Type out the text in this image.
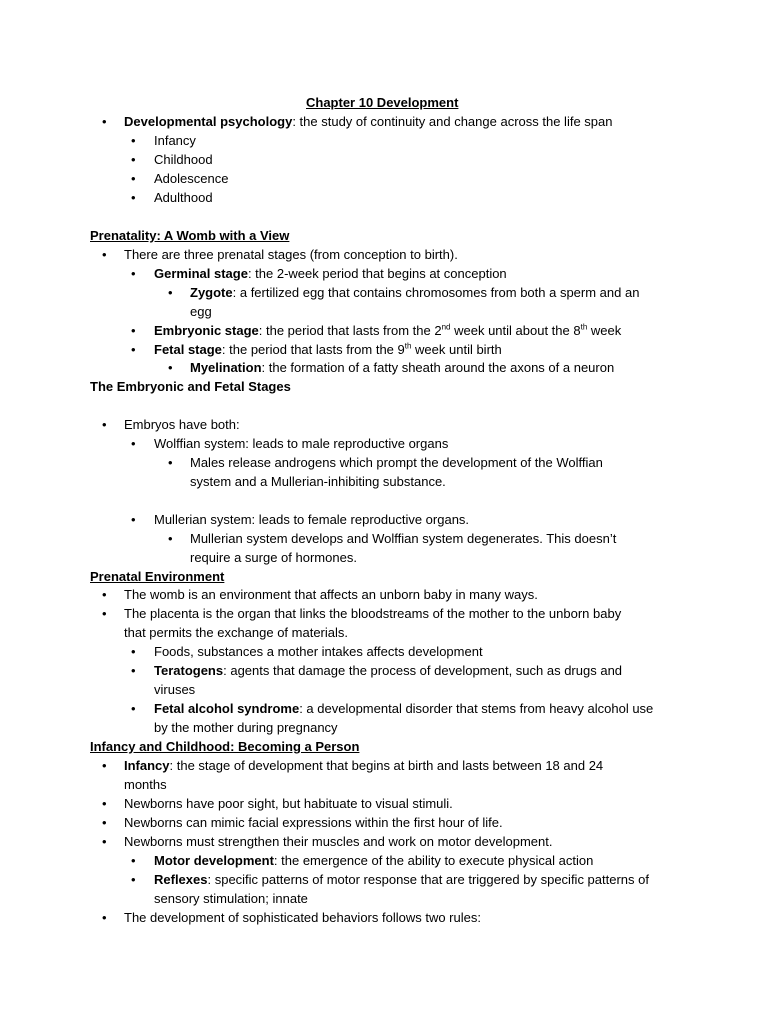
Chapter 10 Development
• Developmental psychology: the study of continuity and change across the life span
• Infancy
• Childhood
• Adolescence
• Adulthood
Prenatality: A Womb with a View
• There are three prenatal stages (from conception to birth).
• Germinal stage: the 2-week period that begins at conception
• Zygote: a fertilized egg that contains chromosomes from both a sperm and an
egg
• Embryonic stage: the period that lasts from the 2nd week until about the 8th week
• Fetal stage: the period that lasts from the 9th week until birth
• Myelination: the formation of a fatty sheath around the axons of a neuron
The Embryonic and Fetal Stages
• Embryos have both:
• Wolffian system: leads to male reproductive organs
• Males release androgens which prompt the development of the Wolffian
system and a Mullerian-inhibiting substance.
• Mullerian system: leads to female reproductive organs.
• Mullerian system develops and Wolffian system degenerates. This doesn’t
require a surge of hormones.
Prenatal Environment
• The womb is an environment that affects an unborn baby in many ways.
• The placenta is the organ that links the bloodstreams of the mother to the unborn baby
that permits the exchange of materials.
• Foods, substances a mother intakes affects development
• Teratogens: agents that damage the process of development, such as drugs and
viruses
• Fetal alcohol syndrome: a developmental disorder that stems from heavy alcohol use
by the mother during pregnancy
Infancy and Childhood: Becoming a Person
• Infancy: the stage of development that begins at birth and lasts between 18 and 24
months
• Newborns have poor sight, but habituate to visual stimuli.
• Newborns can mimic facial expressions within the first hour of life.
• Newborns must strengthen their muscles and work on motor development.
• Motor development: the emergence of the ability to execute physical action
• Reflexes: specific patterns of motor response that are triggered by specific patterns of
sensory stimulation; innate
• The development of sophisticated behaviors follows two rules:
